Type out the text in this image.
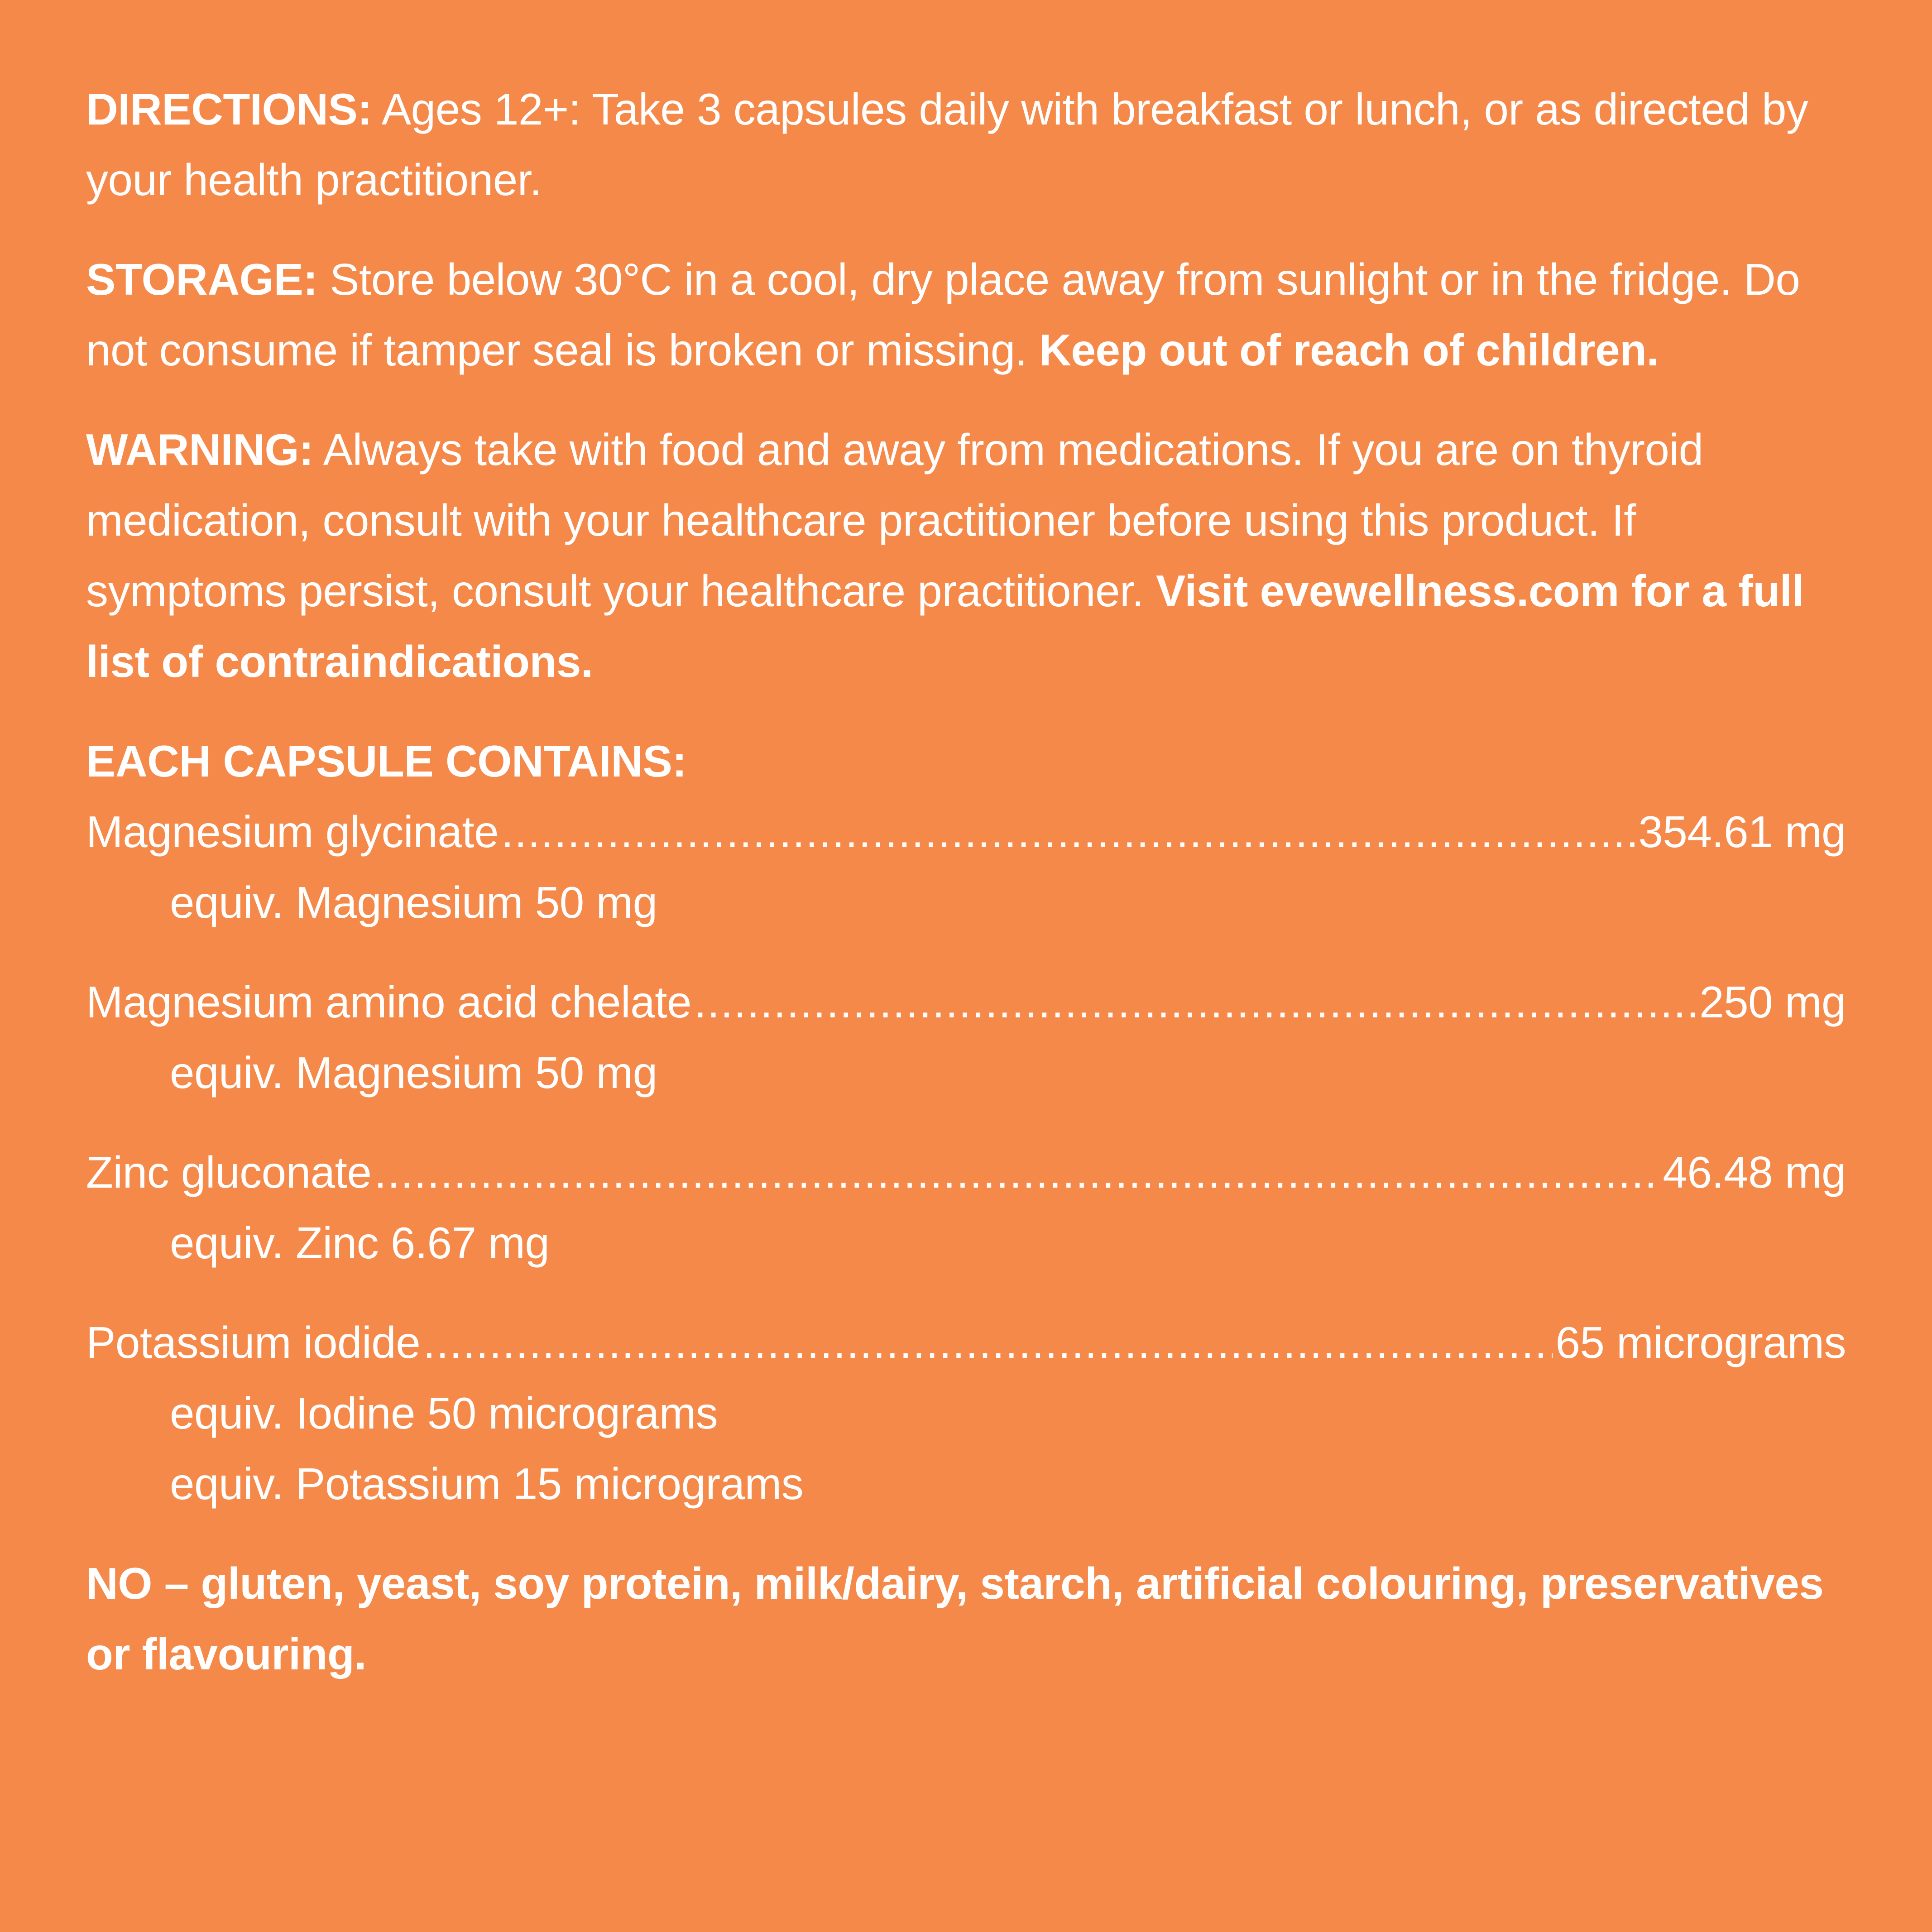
DIRECTIONS: Ages 12+: Take 3 capsules daily with breakfast or lunch, or as directed by your health practitioner.

STORAGE: Store below 30°C in a cool, dry place away from sunlight or in the fridge. Do not consume if tamper seal is broken or missing. Keep out of reach of children.

WARNING: Always take with food and away from medications. If you are on thyroid medication, consult with your healthcare practitioner before using this product. If symptoms persist, consult your healthcare practitioner. Visit evewellness.com for a full list of contraindications.

EACH CAPSULE CONTAINS:
Magnesium glycinate .....	354.61 mg
equiv. Magnesium 50 mg
Magnesium amino acid chelate .....	250 mg
equiv. Magnesium 50 mg
Zinc gluconate .....	46.48 mg
equiv. Zinc 6.67 mg
Potassium iodide .....	65 micrograms
equiv. Iodine 50 micrograms
equiv. Potassium 15 micrograms

NO – gluten, yeast, soy protein, milk/dairy, starch, artificial colouring, preservatives or flavouring.
